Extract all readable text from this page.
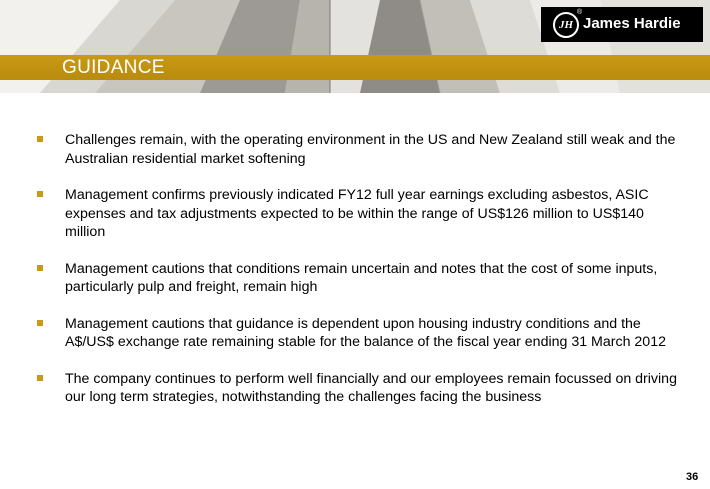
GUIDANCE
JH
®
James Hardie
Challenges remain, with the operating environment in the US and New Zealand still weak and the Australian residential market softening
Management confirms previously indicated FY12 full year earnings excluding asbestos, ASIC expenses and tax adjustments expected to be within the range of US$126 million to US$140 million
Management cautions that conditions remain uncertain and notes that the cost of some inputs, particularly pulp and freight, remain high
Management cautions that guidance is dependent upon housing industry conditions and the A$/US$ exchange rate remaining stable for the balance of the fiscal year ending 31 March 2012
The company continues to perform well financially and our employees remain focussed on driving our long term strategies, notwithstanding the challenges facing the business
36
